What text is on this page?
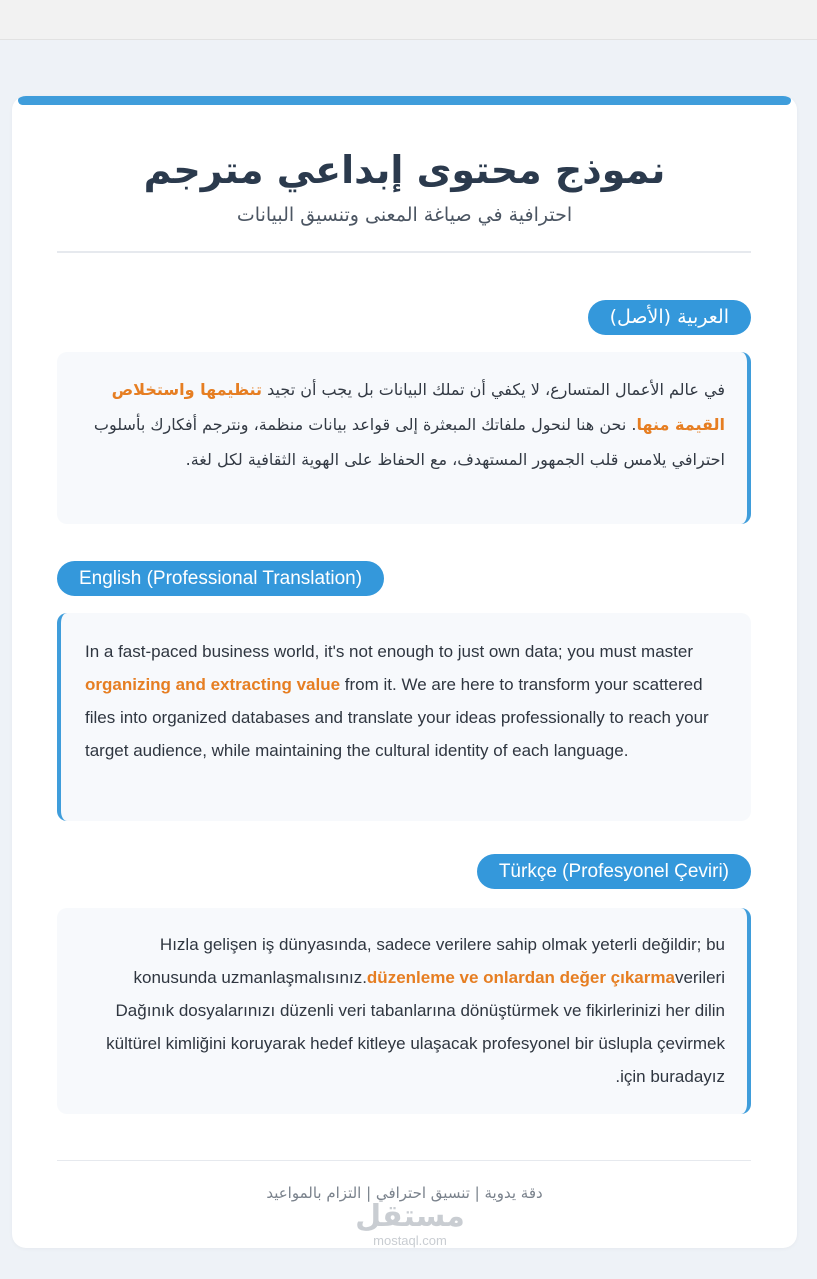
نموذج محتوى إبداعي مترجم
احترافية في صياغة المعنى وتنسيق البيانات
العربية (الأصل)

في عالم الأعمال المتسارع، لا يكفي أن تملك البيانات بل يجب أن تجيد تنظيمها واستخلاص القيمة منها. نحن هنا لنحول ملفاتك المبعثرة إلى قواعد بيانات منظمة، ونترجم أفكارك بأسلوب احترافي يلامس قلب الجمهور المستهدف، مع الحفاظ على الهوية الثقافية لكل لغة.

English (Professional Translation)

In a fast-paced business world, it's not enough to just own data; you must master organizing and extracting value from it. We are here to transform your scattered files into organized databases and translate your ideas professionally to reach your target audience, while maintaining the cultural identity of each language.

Türkçe (Profesyonel Çeviri)

Hızla gelişen iş dünyasında, sadece verilere sahip olmak yeterli değildir; bu konusunda uzmanlaşmalısınız.düzenleme ve onlardan değer çıkarmaverileri Dağınık dosyalarınızı düzenli veri tabanlarına dönüştürmek ve fikirlerinizi her dilin kültürel kimliğini koruyarak hedef kitleye ulaşacak profesyonel bir üslupla çevirmek için buradayız.

دقة يدوية | تنسيق احترافي | التزام بالمواعيد
مستقل
mostaql.com
